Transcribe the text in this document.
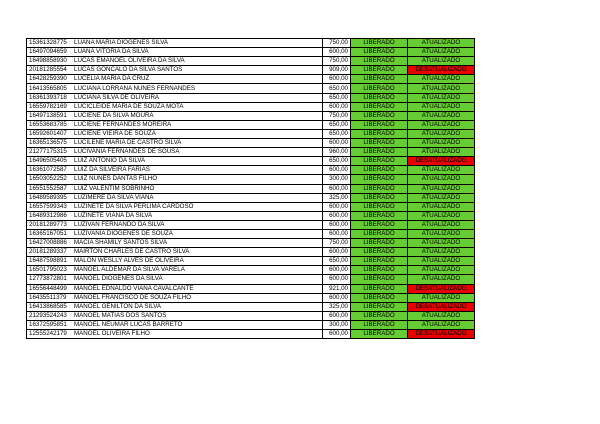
15361328775	LUANA MARIA DIOGENES SILVA	750,00	LIBERADO	ATUALIZADO
16497094659	LUANA VITORIA DA SILVA	600,00	LIBERADO	ATUALIZADO
16498858930	LUCAS EMANOEL OLIVEIRA DA SILVA	750,00	LIBERADO	ATUALIZADO
20181285554	LUCAS GONCALO DA SILVA SANTOS	909,00	LIBERADO	DESATUALIZADO
16428259390	LUCELIA MARIA DA CRUZ	600,00	LIBERADO	ATUALIZADO
16413565805	LUCIANA LORRANA NUNES FERNANDES	650,00	LIBERADO	ATUALIZADO
16361393718	LUCIANA SILVA DE OLIVEIRA	650,00	LIBERADO	ATUALIZADO
16559782169	LUCICLEIDE MARIA DE SOUZA MOTA	600,00	LIBERADO	ATUALIZADO
16497138591	LUCIENE DA SILVA MOURA	750,00	LIBERADO	ATUALIZADO
16553683785	LUCIENE FERNANDES MOREIRA	650,00	LIBERADO	ATUALIZADO
16592601407	LUCIENE VIEIRA DE SOUZA	650,00	LIBERADO	ATUALIZADO
16365136575	LUCILENE MARIA DE CASTRO SILVA	600,00	LIBERADO	ATUALIZADO
21277175315	LUCIVANIA FERNANDES DE SOUSA	960,00	LIBERADO	ATUALIZADO
16496505405	LUIZ ANTONIO DA SILVA	650,00	LIBERADO	DESATUALIZADO
16361072587	LUIZ DA SILVEIRA FARIAS	600,00	LIBERADO	ATUALIZADO
16503052252	LUIZ NUNES DANTAS FILHO	300,00	LIBERADO	ATUALIZADO
16551552587	LUIZ VALENTIM SOBRINHO	600,00	LIBERADO	ATUALIZADO
16489589395	LUZIMERE DA SILVA VIANA	325,00	LIBERADO	ATUALIZADO
16557599343	LUZINETE DA SILVA PERLIMA CARDOSO	600,00	LIBERADO	ATUALIZADO
16489312986	LUZINETE VIANA DA SILVA	600,00	LIBERADO	ATUALIZADO
20181289773	LUZIVAN FERNANDO DA SILVA	600,00	LIBERADO	ATUALIZADO
16365167051	LUZIVANIA DIOGENES DE SOUZA	600,00	LIBERADO	ATUALIZADO
16427008886	MACIA SHAMILY SANTOS SILVA	750,00	LIBERADO	ATUALIZADO
20181289337	MAIRTON CHARLES DE CASTRO SILVA	600,00	LIBERADO	ATUALIZADO
16487598891	MALON WESLLY ALVES DE OLIVEIRA	650,00	LIBERADO	ATUALIZADO
16501795023	MANOEL ALDEMAR DA SILVA VARELA	600,00	LIBERADO	ATUALIZADO
12773872801	MANOEL DIOGENES DA SILVA	600,00	LIBERADO	ATUALIZADO
16556448499	MANOEL EDNALDO VIANA CAVALCANTE	921,00	LIBERADO	DESATUALIZADO
16435511379	MANOEL FRANCISCO DE SOUZA FILHO	600,00	LIBERADO	ATUALIZADO
16413868585	MANOEL GENILTON DA SILVA	325,00	LIBERADO	DESATUALIZADO
21293524243	MANOEL MATIAS DOS SANTOS	600,00	LIBERADO	ATUALIZADO
16372595851	MANOEL NEUMAR LUCAS BARRETO	300,00	LIBERADO	ATUALIZADO
12555242179	MANOEL OLIVEIRA FILHO	600,00	LIBERADO	DESATUALIZADO
